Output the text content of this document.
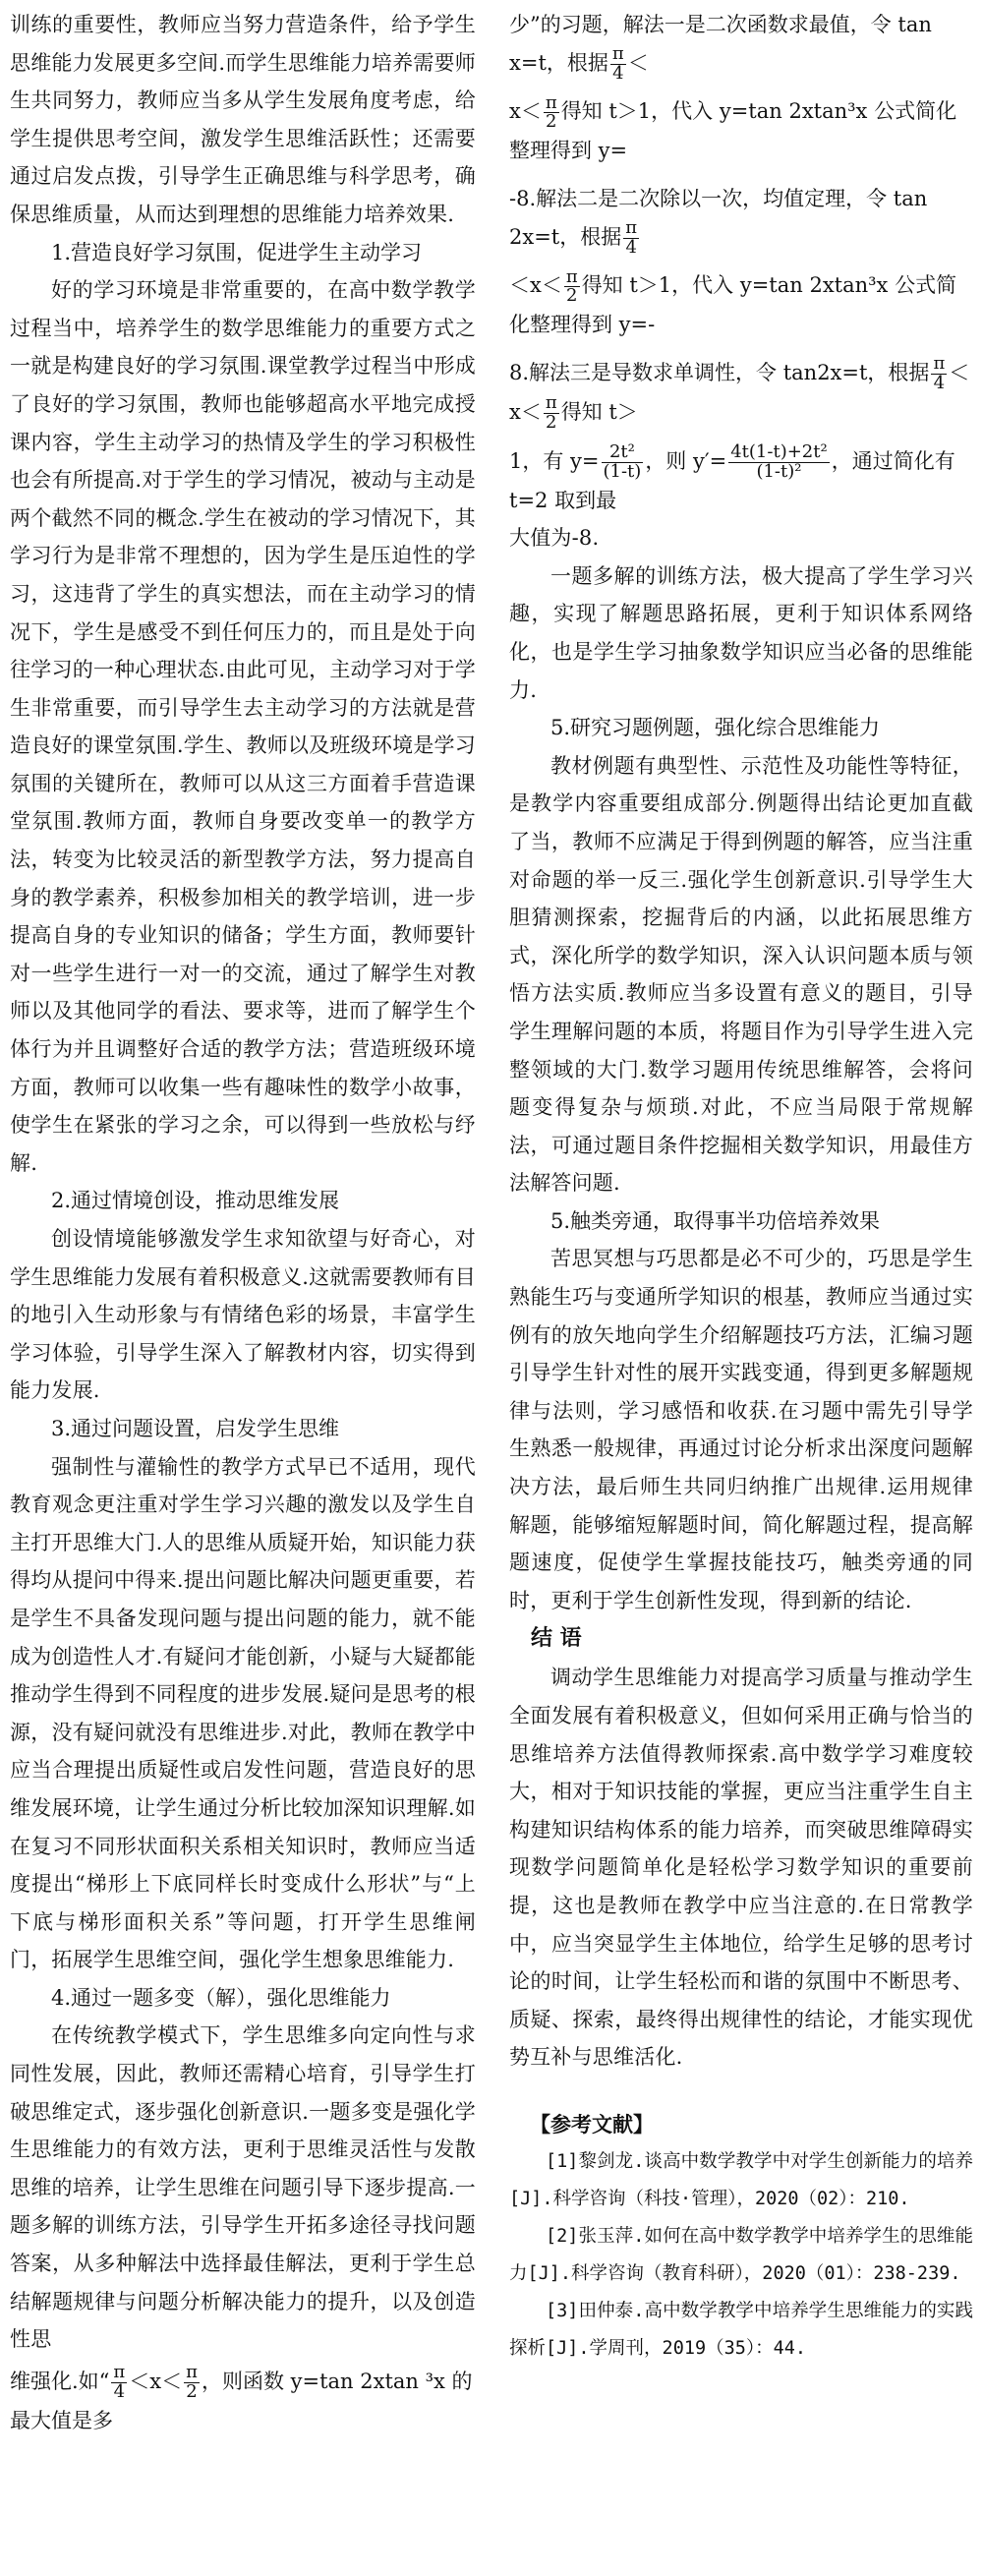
训练的重要性，教师应当努力营造条件，给予学生思维能力发展更多空间.而学生思维能力培养需要师生共同努力，教师应当多从学生发展角度考虑，给学生提供思考空间，激发学生思维活跃性；还需要通过启发点拨，引导学生正确思维与科学思考，确保思维质量，从而达到理想的思维能力培养效果.

1.营造良好学习氛围，促进学生主动学习

好的学习环境是非常重要的，在高中数学教学过程当中，培养学生的数学思维能力的重要方式之一就是构建良好的学习氛围.课堂教学过程当中形成了良好的学习氛围，教师也能够超高水平地完成授课内容，学生主动学习的热情及学生的学习积极性也会有所提高.对于学生的学习情况，被动与主动是两个截然不同的概念.学生在被动的学习情况下，其学习行为是非常不理想的，因为学生是压迫性的学习，这违背了学生的真实想法，而在主动学习的情况下，学生是感受不到任何压力的，而且是处于向往学习的一种心理状态.由此可见，主动学习对于学生非常重要，而引导学生去主动学习的方法就是营造良好的课堂氛围.学生、教师以及班级环境是学习氛围的关键所在，教师可以从这三方面着手营造课堂氛围.教师方面，教师自身要改变单一的教学方法，转变为比较灵活的新型教学方法，努力提高自身的教学素养，积极参加相关的教学培训，进一步提高自身的专业知识的储备；学生方面，教师要针对一些学生进行一对一的交流，通过了解学生对教师以及其他同学的看法、要求等，进而了解学生个体行为并且调整好合适的教学方法；营造班级环境方面，教师可以收集一些有趣味性的数学小故事，使学生在紧张的学习之余，可以得到一些放松与纾解.

2.通过情境创设，推动思维发展

创设情境能够激发学生求知欲望与好奇心，对学生思维能力发展有着积极意义.这就需要教师有目的地引入生动形象与有情绪色彩的场景，丰富学生学习体验，引导学生深入了解教材内容，切实得到能力发展.

3.通过问题设置，启发学生思维

强制性与灌输性的教学方式早已不适用，现代教育观念更注重对学生学习兴趣的激发以及学生自主打开思维大门.人的思维从质疑开始，知识能力获得均从提问中得来.提出问题比解决问题更重要，若是学生不具备发现问题与提出问题的能力，就不能成为创造性人才.有疑问才能创新，小疑与大疑都能推动学生得到不同程度的进步发展.疑问是思考的根源，没有疑问就没有思维进步.对此，教师在教学中应当合理提出质疑性或启发性问题，营造良好的思维发展环境，让学生通过分析比较加深知识理解.如在复习不同形状面积关系相关知识时，教师应当适度提出“梯形上下底同样长时变成什么形状”与“上下底与梯形面积关系”等问题，打开学生思维闸门，拓展学生思维空间，强化学生想象思维能力.

4.通过一题多变（解），强化思维能力

在传统教学模式下，学生思维多向定向性与求同性发展，因此，教师还需精心培育，引导学生打破思维定式，逐步强化创新意识.一题多变是强化学生思维能力的有效方法，更利于思维灵活性与发散思维的培养，让学生思维在问题引导下逐步提高.一题多解的训练方法，引导学生开拓多途径寻找问题答案，从多种解法中选择最佳解法，更利于学生总结解题规律与问题分析解决能力的提升，以及创造性思

维强化.如“ $\frac{\pi}{4} <x< \frac{\pi}{2}$ ，则函数 y=tan 2xtan ³x 的最大值是多
少”的习题，解法一是二次函数求最值，令 tan x=t，根据 $\frac{\pi}{4}$ ＜
$x< \frac{\pi}{2}$ 得知 t＞1，代入 y=tan 2xtan³x 公式简化整理得到 y=
-8.解法二是二次除以一次，均值定理，令 tan 2x=t，根据 $\frac{\pi}{4}$
$<x< \frac{\pi}{2}$ 得知 t＞1，代入 y=tan 2xtan³x 公式简化整理得到 y=-
8.解法三是导数求单调性，令 tan2x=t，根据 $\frac{\pi}{4} <x< \frac{\pi}{2}$ 得知 t＞
1，有 $y= \frac{\text{2t²}}{(1-t)}$ ，则 $y'= \frac{\text{4t(1-t)+2t²}}{\text{(1-t)²}}$ ，通过简化有 t=2 取到最

大值为-8.

一题多解的训练方法，极大提高了学生学习兴趣，实现了解题思路拓展，更利于知识体系网络化，也是学生学习抽象数学知识应当必备的思维能力.

5.研究习题例题，强化综合思维能力

教材例题有典型性、示范性及功能性等特征，是教学内容重要组成部分.例题得出结论更加直截了当，教师不应满足于得到例题的解答，应当注重对命题的举一反三.强化学生创新意识.引导学生大胆猜测探索，挖掘背后的内涵，以此拓展思维方式，深化所学的数学知识，深入认识问题本质与领悟方法实质.教师应当多设置有意义的题目，引导学生理解问题的本质，将题目作为引导学生进入完整领域的大门.数学习题用传统思维解答，会将问题变得复杂与烦琐.对此，不应当局限于常规解法，可通过题目条件挖掘相关数学知识，用最佳方法解答问题.

5.触类旁通，取得事半功倍培养效果

苦思冥想与巧思都是必不可少的，巧思是学生熟能生巧与变通所学知识的根基，教师应当通过实例有的放矢地向学生介绍解题技巧方法，汇编习题引导学生针对性的展开实践变通，得到更多解题规律与法则，学习感悟和收获.在习题中需先引导学生熟悉一般规律，再通过讨论分析求出深度问题解决方法，最后师生共同归纳推广出规律.运用规律解题，能够缩短解题时间，简化解题过程，提高解题速度，促使学生掌握技能技巧，触类旁通的同时，更利于学生创新性发现，得到新的结论.

结 语

调动学生思维能力对提高学习质量与推动学生全面发展有着积极意义，但如何采用正确与恰当的思维培养方法值得教师探索.高中数学学习难度较大，相对于知识技能的掌握，更应当注重学生自主构建知识结构体系的能力培养，而突破思维障碍实现数学问题简单化是轻松学习数学知识的重要前提，这也是教师在教学中应当注意的.在日常教学中，应当突显学生主体地位，给学生足够的思考讨论的时间，让学生轻松而和谐的氛围中不断思考、质疑、探索，最终得出规律性的结论，才能实现优势互补与思维活化.

【参考文献】
[1]黎剑龙.谈高中数学教学中对学生创新能力的培养[J].科学咨询（科技·管理），2020（02）：210.
[2]张玉萍.如何在高中数学教学中培养学生的思维能力[J].科学咨询（教育科研），2020（01）：238-239.
[3]田仲泰.高中数学教学中培养学生思维能力的实践探析[J].学周刊，2019（35）：44.
